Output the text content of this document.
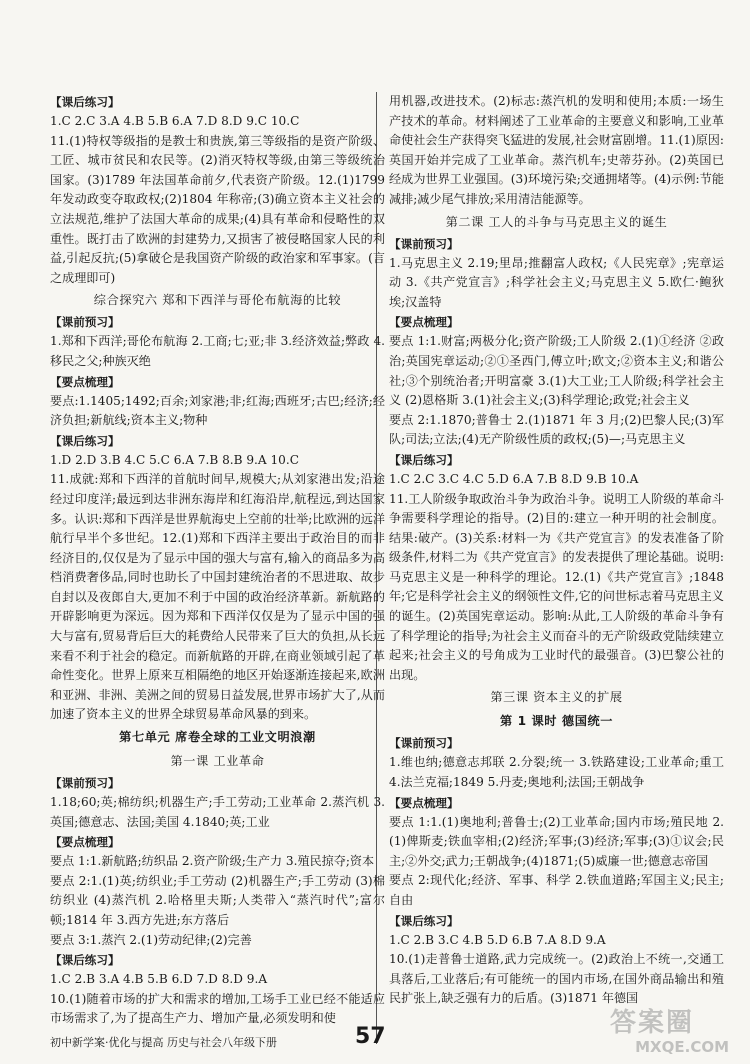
【课后练习】

1.C 2.C 3.A 4.B 5.B 6.A 7.D 8.D 9.C 10.C

11.(1)特权等级指的是教士和贵族,第三等级指的是资产阶级、工匠、城市贫民和农民等。(2)消灭特权等级,由第三等级统治国家。(3)1789 年法国革命前夕,代表资产阶级。12.(1)1799 年发动政变夺取政权;(2)1804 年称帝;(3)确立资本主义社会的立法规范,维护了法国大革命的成果;(4)具有革命和侵略性的双重性。既打击了欧洲的封建势力,又损害了被侵略国家人民的利益,引起反抗;(5)拿破仑是我国资产阶级的政治家和军事家。(言之成理即可)

综合探究六 郑和下西洋与哥伦布航海的比较

【课前预习】

1.郑和下西洋;哥伦布航海 2.工商;七;亚;非 3.经济效益;弊政 4.移民之父;种族灭绝

【要点梳理】

要点:1.1405;1492;百余;刘家港;非;红海;西班牙;古巴;经济;经济负担;新航线;资本主义;物种

【课后练习】

1.D 2.D 3.B 4.C 5.C 6.A 7.B 8.B 9.A 10.C

11.成就:郑和下西洋的首航时间早,规模大;从刘家港出发;沿途经过印度洋;最远到达非洲东海岸和红海沿岸,航程远,到达国家多。认识:郑和下西洋是世界航海史上空前的壮举;比欧洲的远洋航行早半个多世纪。12.(1)郑和下西洋主要出于政治目的而非经济目的,仅仅是为了显示中国的强大与富有,输入的商品多为高档消费奢侈品,同时也助长了中国封建统治者的不思进取、故步自封以及夜郎自大,更加不利于中国的政治经济革新。新航路的开辟影响更为深远。因为郑和下西洋仅仅是为了显示中国的强大与富有,贸易背后巨大的耗费给人民带来了巨大的负担,从长远来看不利于社会的稳定。而新航路的开辟,在商业领域引起了革命性变化。世界上原来互相隔绝的地区开始逐渐连接起来,欧洲和亚洲、非洲、美洲之间的贸易日益发展,世界市场扩大了,从而加速了资本主义的世界全球贸易革命风暴的到来。

第七单元 席卷全球的工业文明浪潮

第一课 工业革命

【课前预习】

1.18;60;英;棉纺织;机器生产;手工劳动;工业革命 2.蒸汽机 3.英国;德意志、法国;美国 4.1840;英;工业

【要点梳理】

要点 1:1.新航路;纺织品 2.资产阶级;生产力 3.殖民掠夺;资本

要点 2:1.(1)英;纺织业;手工劳动 (2)机器生产;手工劳动 (3)棉纺织业 (4)蒸汽机 2.哈格里夫斯;人类带入“蒸汽时代”;富尔顿;1814 年 3.西方先进;东方落后

要点 3:1.蒸汽 2.(1)劳动纪律;(2)完善

【课后练习】

1.C 2.B 3.A 4.B 5.B 6.D 7.D 8.D 9.A

10.(1)随着市场的扩大和需求的增加,工场手工业已经不能适应市场需求了,为了提高生产力、增加产量,必须发明和使

用机器,改进技术。(2)标志:蒸汽机的发明和使用;本质:一场生产技术的革命。材料阐述了工业革命的主要意义和影响,工业革命使社会生产获得突飞猛进的发展,社会财富剧增。11.(1)原因:英国开始并完成了工业革命。蒸汽机车;史蒂芬孙。(2)英国已经成为世界工业强国。(3)环境污染;交通拥堵等。(4)示例:节能减排;减少尾气排放;采用清洁能源等。

第二课 工人的斗争与马克思主义的诞生

【课前预习】

1.马克思主义 2.19;里昂;推翻富人政权;《人民宪章》;宪章运动 3.《共产党宣言》;科学社会主义;马克思主义 5.欧仁·鲍狄埃;汉盖特

【要点梳理】

要点 1:1.财富;两极分化;资产阶级;工人阶级 2.(1)①经济 ②政治;英国宪章运动;②①圣西门,傅立叶;欧文;②资本主义;和谐公社;③个别统治者;开明富豪 3.(1)大工业;工人阶级;科学社会主义 (2)恩格斯 3.(1)社会主义;(3)科学理论;政党;社会主义

要点 2:1.1870;普鲁士 2.(1)1871 年 3 月;(2)巴黎人民;(3)军队;司法;立法;(4)无产阶级性质的政权;(5)—;马克思主义

【课后练习】

1.C 2.C 3.C 4.C 5.D 6.A 7.B 8.D 9.B 10.A

11.工人阶级争取政治斗争为政治斗争。说明工人阶级的革命斗争需要科学理论的指导。(2)目的:建立一种开明的社会制度。结果:破产。(3)关系:材料一为《共产党宣言》的发表准备了阶级条件,材料二为《共产党宣言》的发表提供了理论基础。说明:马克思主义是一种科学的理论。12.(1)《共产党宣言》;1848 年;它是科学社会主义的纲领性文件,它的问世标志着马克思主义的诞生。(2)英国宪章运动。影响:从此,工人阶级的革命斗争有了科学理论的指导;为社会主义而奋斗的无产阶级政党陆续建立起来;社会主义的号角成为工业时代的最强音。(3)巴黎公社的出现。

第三课 资本主义的扩展

第 1 课时 德国统一

【课前预习】

1.维也纳;德意志邦联 2.分裂;统一 3.铁路建设;工业革命;重工 4.法兰克福;1849 5.丹麦;奥地利;法国;王朝战争

【要点梳理】

要点 1:1.(1)奥地利;普鲁士;(2)工业革命;国内市场;殖民地 2.(1)俾斯麦;铁血宰相;(2)经济;军事;(3)经济;军事;(3)①议会;民主;②外交;武力;王朝战争;(4)1871;(5)威廉一世;德意志帝国

要点 2:现代化;经济、军事、科学 2.铁血道路;军国主义;民主;自由

【课后练习】

1.C 2.B 3.C 4.B 5.D 6.B 7.A 8.D 9.A

10.(1)走普鲁士道路,武力完成统一。(2)政治上不统一,交通工具落后,工业落后;有可能统一的国内市场,在国外商品输出和殖民扩张上,缺乏强有力的后盾。(3)1871 年德国

初中新学案·优化与提高 历史与社会八年级下册	57	答案圈
MXQE.COM
